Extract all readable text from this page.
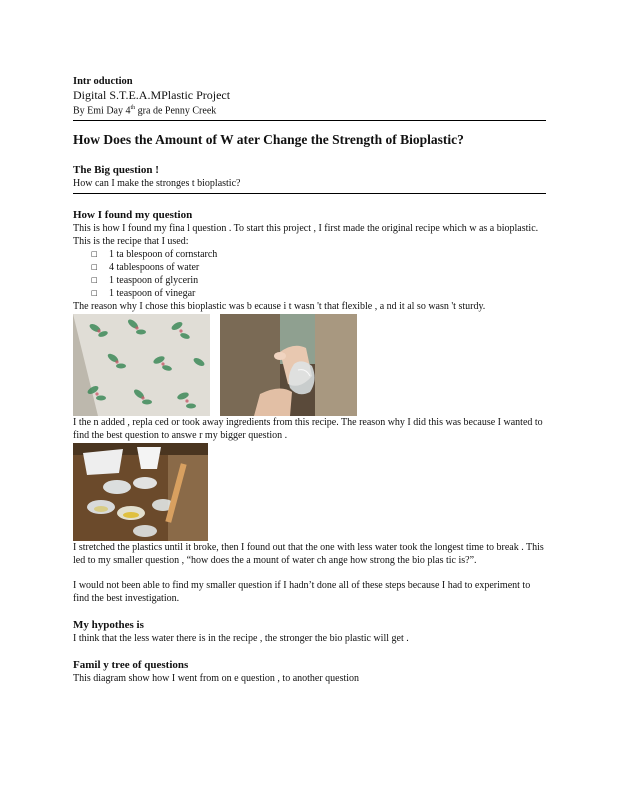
Intr oduction
Digital S.T.E.A.MPlastic Project
By Emi Day 4th gra de Penny Creek
How Does the Amount of W ater Change the Strength of Bioplastic?
The Big question !
How can I make the stronges t bioplastic?
How I found my question
This is how I found my fina l question . To start this project , I first made the original recipe which w as a bioplastic.
This is the recipe that I used:
□ 1 ta blespoon of cornstarch
□ 4 tablespoons of water
□ 1 teaspoon of glycerin
□ 1 teaspoon of vinegar
The reason why I chose this bioplastic was b ecause i t wasn 't that flexible , a nd it al so wasn 't sturdy.
I the n added , repla ced or took away ingredients from this recipe. The reason why I did this was because I wanted to find the best question to answe r my bigger question .
I stretched the plastics until it broke, then I found out that the one with less water took the longest time to break . This led to my smaller question , “how does the a mount of water ch ange how strong the bio plas tic is?”.
I would not been able to find my smaller question if I hadn’t done all of these steps because I had to experiment to find the best investigation.
My hypothes is
I think that the less water there is in the recipe , the stronger the bio plastic will get .
Famil y tree of questions
This diagram show how I went from on e question , to another question
